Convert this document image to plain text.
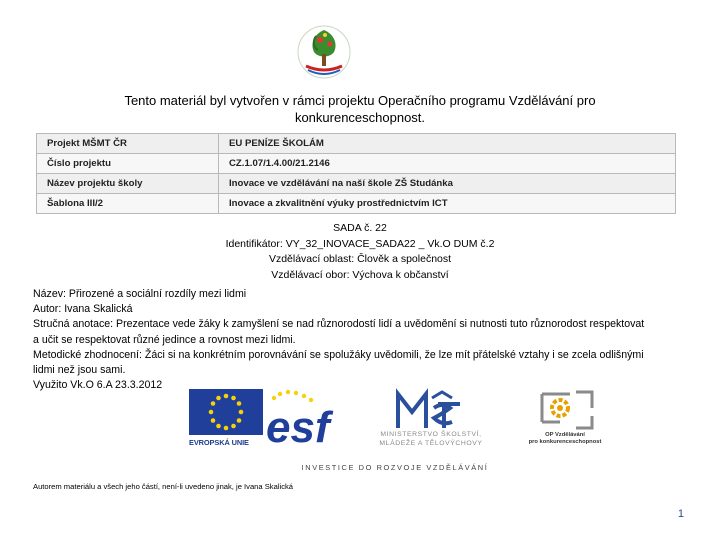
Tento materiál byl vytvořen v rámci projektu Operačního programu Vzdělávání pro
konkurenceschopnost.
Projekt MŠMT ČR	EU PENÍZE ŠKOLÁM
Číslo projektu	CZ.1.07/1.4.00/21.2146
Název projektu školy	Inovace ve vzdělávání na naší škole ZŠ Studánka
Šablona III/2	Inovace a zkvalitnění výuky prostřednictvím ICT
SADA č. 22
Identifikátor: VY_32_INOVACE_SADA22 _ Vk.O DUM č.2
Vzdělávací oblast: Člověk a společnost
Vzdělávací obor: Výchova k občanství

Název: Přirozené a sociální rozdíly mezi lidmi

Autor: Ivana Skalická

Stručná anotace: Prezentace vede žáky k zamyšlení se nad různorodostí lidí a uvědomění si nutnosti tuto různorodost respektovat

a učit se respektovat různé jedince a rovnost mezi lidmi.

Metodické zhodnocení: Žáci si na konkrétním porovnávání se spolužáky uvědomili, že lze mít přátelské vztahy i se zcela odlišnými

lidmi než jsou sami.

Využito Vk.O 6.A 23.3.2012

EVROPSKÁ UNIE esf	MINISTERSTVO ŠKOLSTVÍ,
MLÁDEŽE A TĚLOVÝCHOVY
OP Vzdělávání
pro konkurenceschopnost
INVESTICE DO ROZVOJE VZDĚLÁVÁNÍ
Autorem materiálu a všech jeho částí, není-li uvedeno jinak, je Ivana Skalická
1
